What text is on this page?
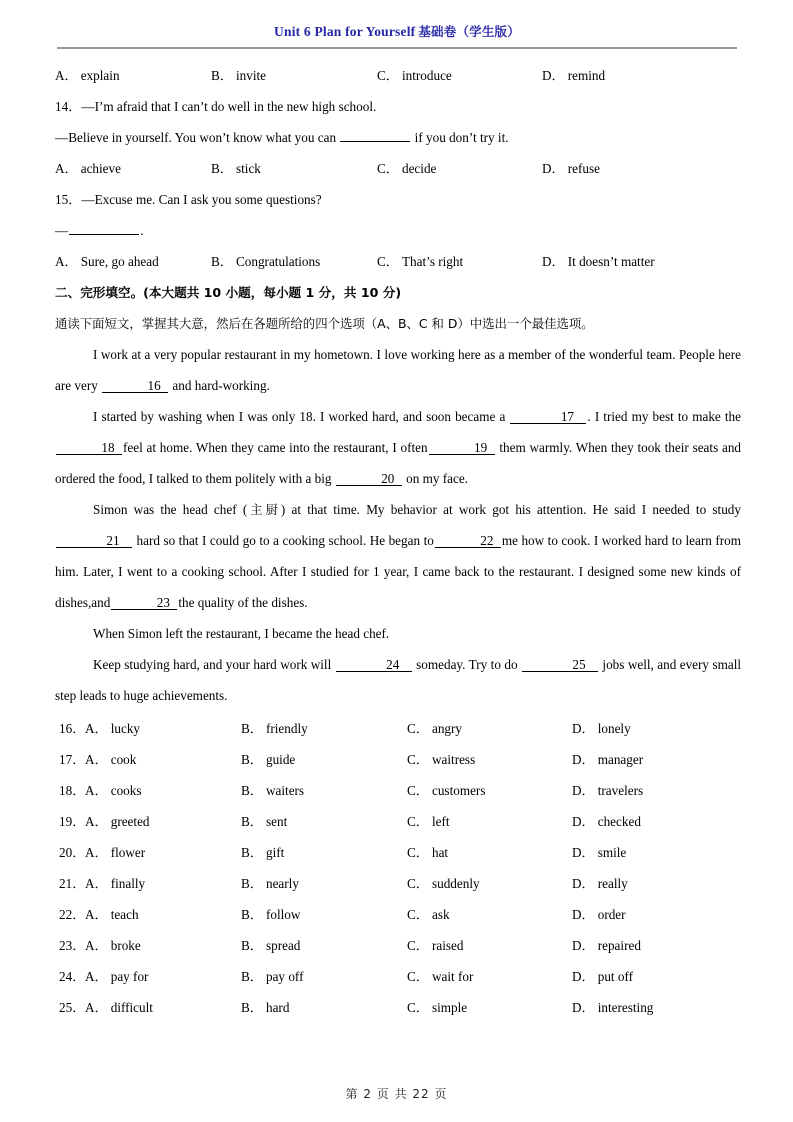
Unit 6 Plan for Yourself 基础卷（学生版）
A． explain	B． invite	C． introduce	D． remind
14．—I’m afraid that I can’t do well in the new high school.
—Believe in yourself. You won’t know what you can	if you don’t try it.
A． achieve	B． stick	C． decide	D． refuse
15．—Excuse me. Can I ask you some questions?
—	.
A． Sure, go ahead	B． Congratulations	C． That’s right	D． It doesn’t matter
二、完形填空。(本大题共 10 小题，每小题 1 分，共 10 分)
通读下面短文，掌握其大意，然后在各题所给的四个选项（A、B、C 和 D）中选出一个最佳选项。
I work at a very popular restaurant in my hometown. I love working here as a member of the wonderful team. People here are very	16 and hard-working.
I started by washing when I was only 18. I worked hard, and soon became a	17 . I tried my best to make the18 feel at home. When they came into the restaurant, I often	19 them warmly. When they took their seats and ordered the food, I talked to them politely with a big	20 on my face.
Simon was the head chef (主厨) at that time. My behavior at work got his attention. He said I needed to study 21 hard so that I could go to a cooking school. He began to	22 me how to cook. I worked hard to learn from him. Later, I went to a cooking school. After I studied for 1 year, I came back to the restaurant. I designed some new kinds of dishes,and	23 the quality of the dishes.
When Simon left the restaurant, I became the head chef.
Keep studying hard, and your hard work will	24 someday. Try to do	25 jobs well, and every small step leads to huge achievements.
16． A． lucky	B． friendly	C． angry	D． lonely
17． A． cook	B． guide	C． waitress	D． manager
18． A． cooks	B． waiters	C． customers	D． travelers
19． A． greeted	B． sent	C． left	D． checked
20． A． flower	B． gift	C． hat	D． smile
21． A． finally	B． nearly	C． suddenly	D． really
22． A． teach	B． follow	C． ask	D． order
23． A． broke	B． spread	C． raised	D． repaired
24． A． pay for	B． pay off	C． wait for	D． put off
25． A． difficult	B． hard	C． simple	D． interesting
第 2 页 共 22 页
